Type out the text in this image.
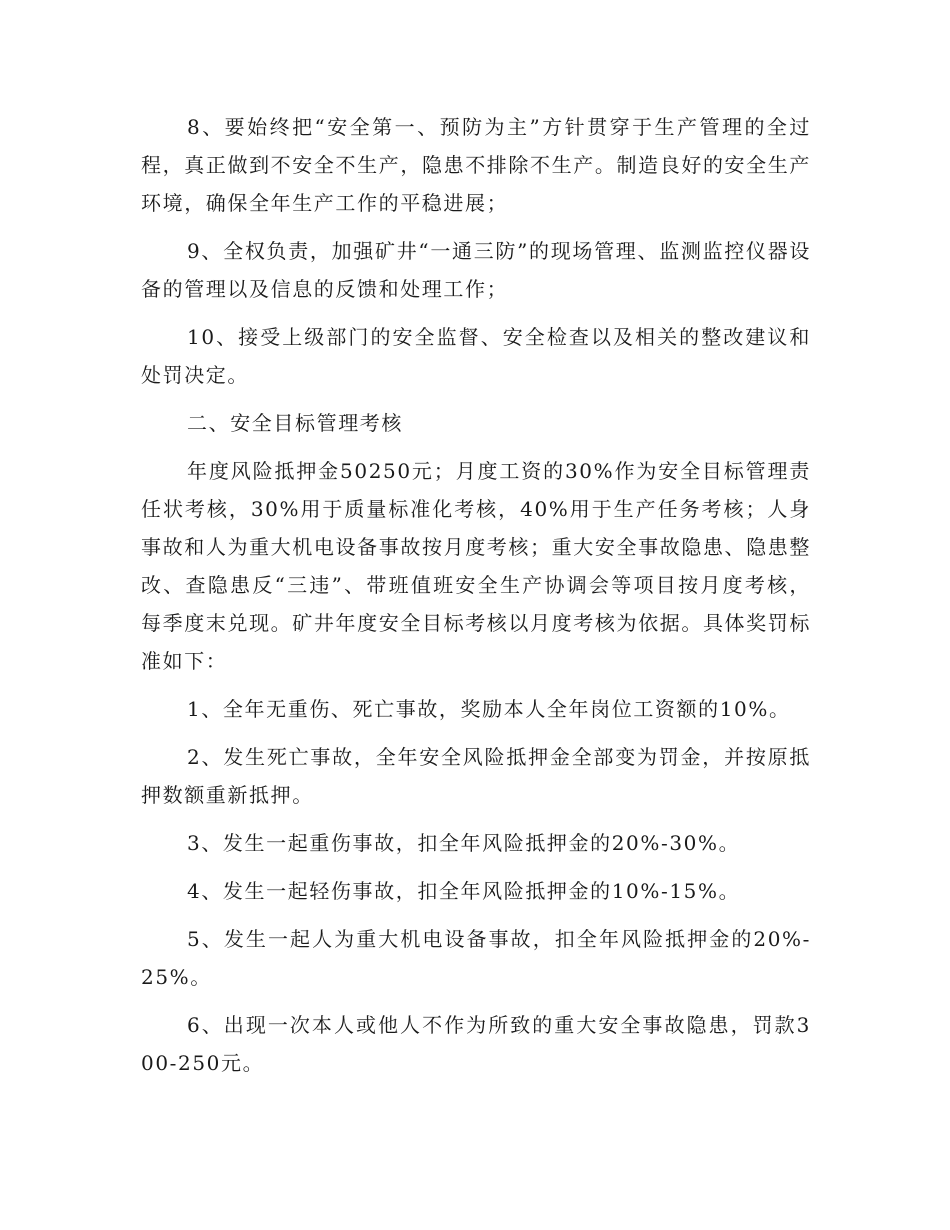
8、要始终把“安全第一、预防为主”方针贯穿于生产管理的全过程，真正做到不安全不生产，隐患不排除不生产。制造良好的安全生产环境，确保全年生产工作的平稳进展；

9、全权负责，加强矿井“一通三防”的现场管理、监测监控仪器设备的管理以及信息的反馈和处理工作；

10、接受上级部门的安全监督、安全检查以及相关的整改建议和处罚决定。

二、安全目标管理考核

年度风险抵押金50250元；月度工资的30%作为安全目标管理责任状考核，30%用于质量标准化考核，40%用于生产任务考核；人身事故和人为重大机电设备事故按月度考核；重大安全事故隐患、隐患整改、查隐患反“三违”、带班值班安全生产协调会等项目按月度考核，每季度末兑现。矿井年度安全目标考核以月度考核为依据。具体奖罚标准如下：

1、全年无重伤、死亡事故，奖励本人全年岗位工资额的10%。

2、发生死亡事故，全年安全风险抵押金全部变为罚金，并按原抵押数额重新抵押。

3、发生一起重伤事故，扣全年风险抵押金的20%-30%。

4、发生一起轻伤事故，扣全年风险抵押金的10%-15%。

5、发生一起人为重大机电设备事故，扣全年风险抵押金的20%-25%。

6、出现一次本人或他人不作为所致的重大安全事故隐患，罚款300-250元。
